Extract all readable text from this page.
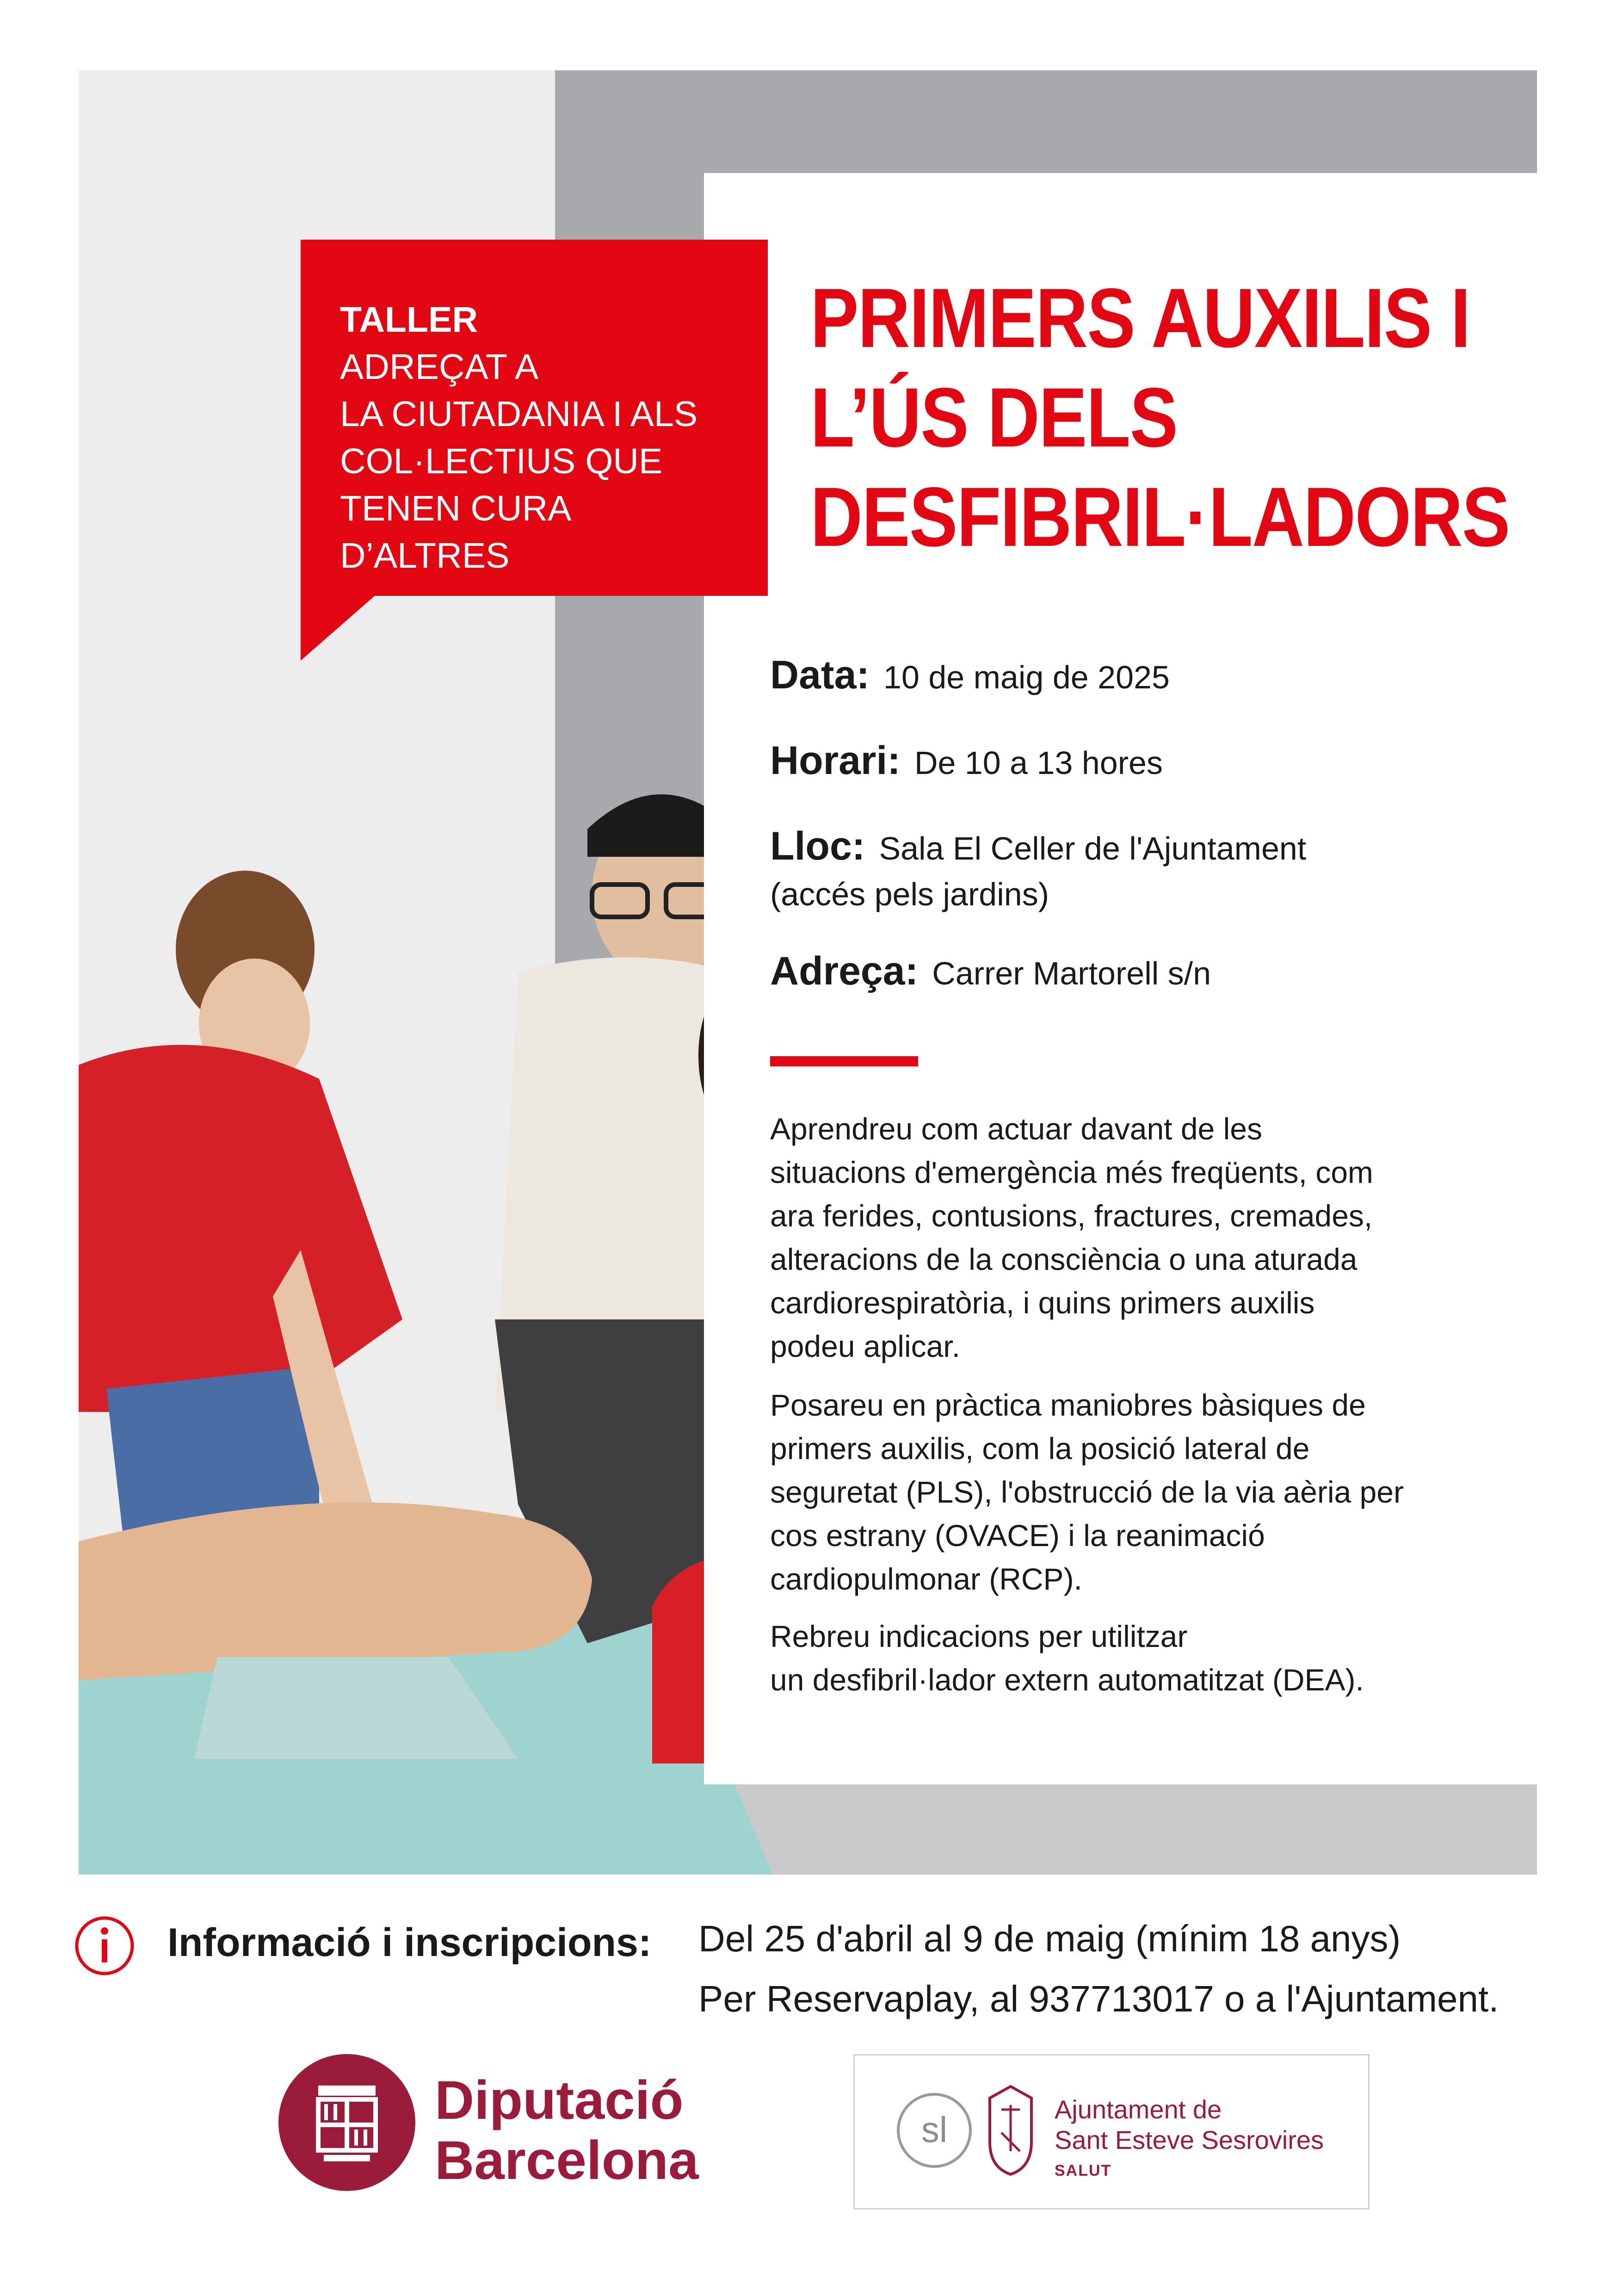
TALLER
ADREÇAT A
LA CIUTADANIA I ALS
COL·LECTIUS QUE
TENEN CURA
D’ALTRES
PRIMERS AUXILIS I
L’ÚS DELS
DESFIBRIL·LADORS
Data: 10 de maig de 2025
Horari: De 10 a 13 hores
Lloc: Sala El Celler de l'Ajuntament
(accés pels jardins)
Adreça: Carrer Martorell s/n
Aprendreu com actuar davant de les
situacions d'emergència més freqüents, com
ara ferides, contusions, fractures, cremades,
alteracions de la consciència o una aturada
cardiorespiratòria, i quins primers auxilis
podeu aplicar.
Posareu en pràctica maniobres bàsiques de
primers auxilis, com la posició lateral de
seguretat (PLS), l'obstrucció de la via aèria per
cos estrany (OVACE) i la reanimació
cardiopulmonar (RCP).
Rebreu indicacions per utilitzar
un desfibril·lador extern automatitzat (DEA).
Informació i inscripcions: Del 25 d'abril al 9 de maig (mínim 18 anys)
Per Reservaplay, al 937713017 o a l'Ajuntament.
Diputació
Barcelona
sl	Ajuntament de
Sant Esteve Sesrovires
SALUT
